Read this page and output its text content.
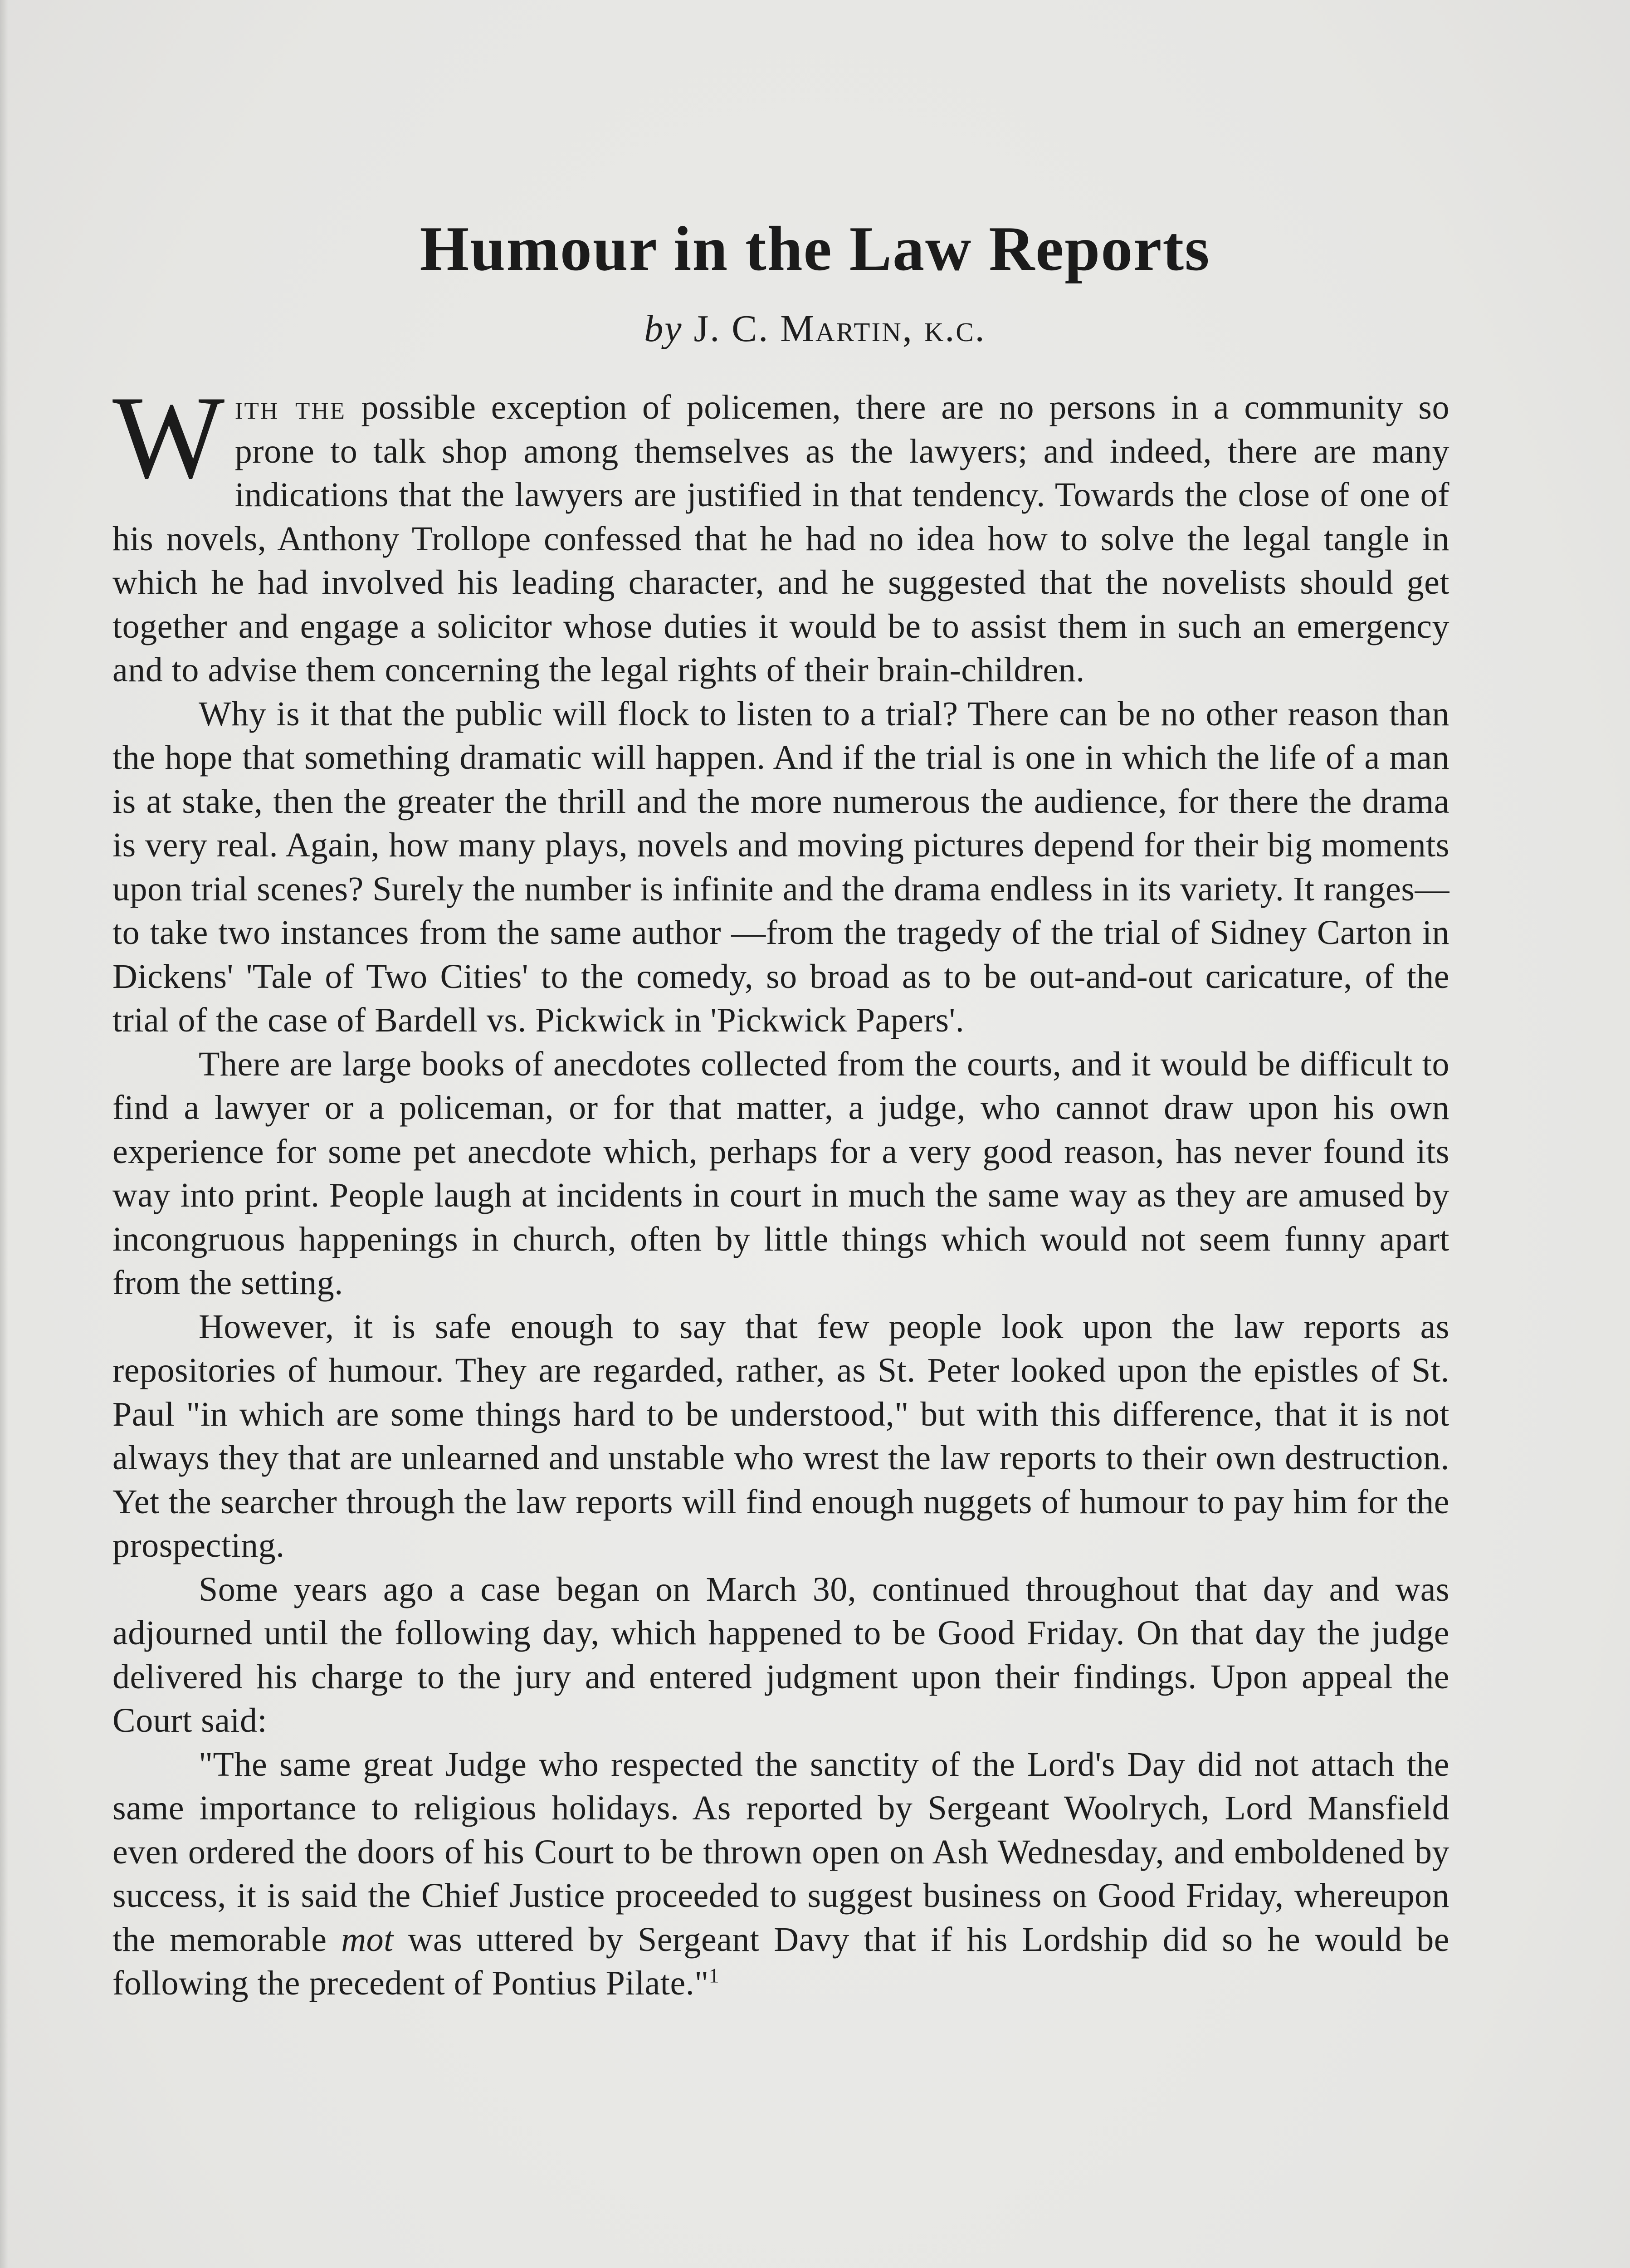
Humour in the Law Reports

by J. C. Martin, k.c.

With the possible exception of policemen, there are no persons in a community so prone to talk shop among themselves as the lawyers; and indeed, there are many indications that the lawyers are justified in that tendency. Towards the close of one of his novels, Anthony Trollope confessed that he had no idea how to solve the legal tangle in which he had involved his leading character, and he suggested that the novelists should get together and engage a solicitor whose duties it would be to assist them in such an emergency and to advise them concerning the legal rights of their brain-children.

Why is it that the public will flock to listen to a trial? There can be no other reason than the hope that something dramatic will happen. And if the trial is one in which the life of a man is at stake, then the greater the thrill and the more numerous the audience, for there the drama is very real. Again, how many plays, novels and moving pictures depend for their big moments upon trial scenes? Surely the number is infinite and the drama endless in its variety. It ranges—to take two instances from the same author —from the tragedy of the trial of Sidney Carton in Dickens' 'Tale of Two Cities' to the comedy, so broad as to be out-and-out caricature, of the trial of the case of Bardell vs. Pickwick in 'Pickwick Papers'.

There are large books of anecdotes collected from the courts, and it would be difficult to find a lawyer or a policeman, or for that matter, a judge, who cannot draw upon his own experience for some pet anecdote which, perhaps for a very good reason, has never found its way into print. People laugh at incidents in court in much the same way as they are amused by incongruous happenings in church, often by little things which would not seem funny apart from the setting.

However, it is safe enough to say that few people look upon the law reports as repositories of humour. They are regarded, rather, as St. Peter looked upon the epistles of St. Paul "in which are some things hard to be understood," but with this difference, that it is not always they that are unlearned and unstable who wrest the law reports to their own destruction. Yet the searcher through the law reports will find enough nuggets of humour to pay him for the prospecting.

Some years ago a case began on March 30, continued throughout that day and was adjourned until the following day, which happened to be Good Friday. On that day the judge delivered his charge to the jury and entered judgment upon their findings. Upon appeal the Court said:

"The same great Judge who respected the sanctity of the Lord's Day did not attach the same importance to religious holidays. As reported by Sergeant Woolrych, Lord Mansfield even ordered the doors of his Court to be thrown open on Ash Wednesday, and emboldened by success, it is said the Chief Justice proceeded to suggest business on Good Friday, whereupon the memorable mot was uttered by Sergeant Davy that if his Lordship did so he would be following the precedent of Pontius Pilate."$^1$
